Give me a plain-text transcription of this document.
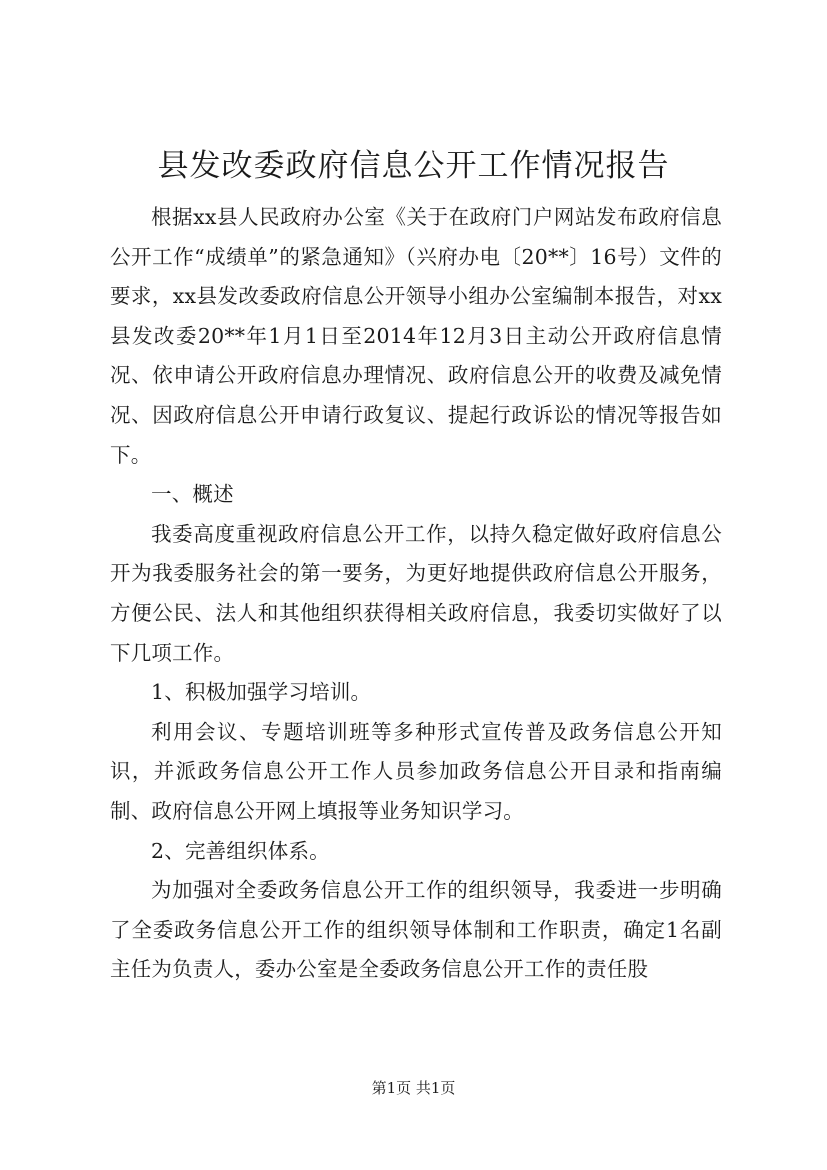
县发改委政府信息公开工作情况报告

根据xx县人民政府办公室《关于在政府门户网站发布政府信息公开工作“成绩单”的紧急通知》（兴府办电〔20**〕16号）文件的要求，xx县发改委政府信息公开领导小组办公室编制本报告，对xx县发改委20**年1月1日至2014年12月3日主动公开政府信息情况、依申请公开政府信息办理情况、政府信息公开的收费及减免情况、因政府信息公开申请行政复议、提起行政诉讼的情况等报告如下。

一、概述

我委高度重视政府信息公开工作，以持久稳定做好政府信息公开为我委服务社会的第一要务，为更好地提供政府信息公开服务，方便公民、法人和其他组织获得相关政府信息，我委切实做好了以下几项工作。

1、积极加强学习培训。

利用会议、专题培训班等多种形式宣传普及政务信息公开知识，并派政务信息公开工作人员参加政务信息公开目录和指南编制、政府信息公开网上填报等业务知识学习。

2、完善组织体系。

为加强对全委政务信息公开工作的组织领导，我委进一步明确了全委政务信息公开工作的组织领导体制和工作职责，确定1名副主任为负责人，委办公室是全委政务信息公开工作的责任股

第1页 共1页
